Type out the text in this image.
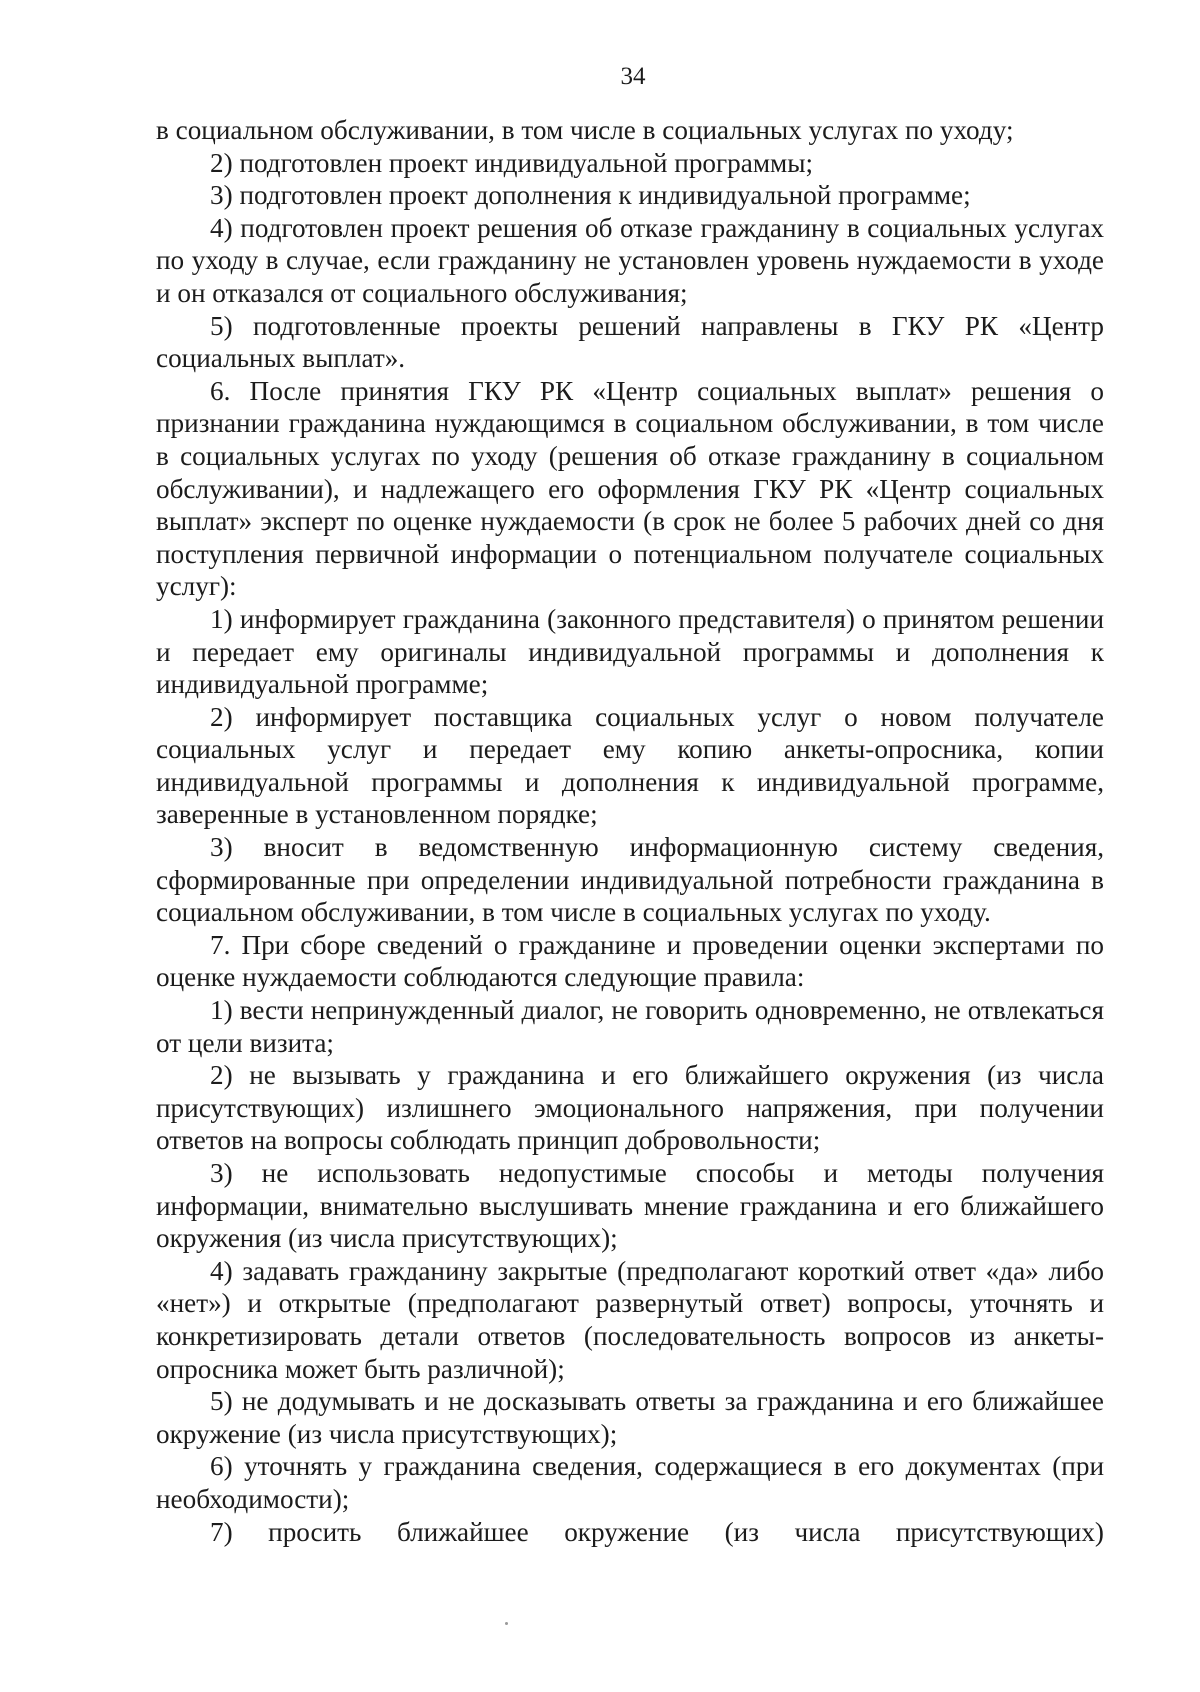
34

в социальном обслуживании, в том числе в социальных услугах по уходу;

2) подготовлен проект индивидуальной программы;

3) подготовлен проект дополнения к индивидуальной программе;

4) подготовлен проект решения об отказе гражданину в социальных услугах по уходу в случае, если гражданину не установлен уровень нуждаемости в уходе и он отказался от социального обслуживания;

5) подготовленные проекты решений направлены в ГКУ РК «Центр социальных выплат».

6. После принятия ГКУ РК «Центр социальных выплат» решения о признании гражданина нуждающимся в социальном обслуживании, в том числе в социальных услугах по уходу (решения об отказе гражданину в социальном обслуживании), и надлежащего его оформления ГКУ РК «Центр социальных выплат» эксперт по оценке нуждаемости (в срок не более 5 рабочих дней со дня поступления первичной информации о потенциальном получателе социальных услуг):

1) информирует гражданина (законного представителя) о принятом решении и передает ему оригиналы индивидуальной программы и дополнения к индивидуальной программе;

2) информирует поставщика социальных услуг о новом получателе социальных услуг и передает ему копию анкеты-опросника, копии индивидуальной программы и дополнения к индивидуальной программе, заверенные в установленном порядке;

3) вносит в ведомственную информационную систему сведения, сформированные при определении индивидуальной потребности гражданина в социальном обслуживании, в том числе в социальных услугах по уходу.

7. При сборе сведений о гражданине и проведении оценки экспертами по оценке нуждаемости соблюдаются следующие правила:

1) вести непринужденный диалог, не говорить одновременно, не отвлекаться от цели визита;

2) не вызывать у гражданина и его ближайшего окружения (из числа присутствующих) излишнего эмоционального напряжения, при получении ответов на вопросы соблюдать принцип добровольности;

3) не использовать недопустимые способы и методы получения информации, внимательно выслушивать мнение гражданина и его ближайшего окружения (из числа присутствующих);

4) задавать гражданину закрытые (предполагают короткий ответ «да» либо «нет») и открытые (предполагают развернутый ответ) вопросы, уточнять и конкретизировать детали ответов (последовательность вопросов из анкеты-опросника может быть различной);

5) не додумывать и не досказывать ответы за гражданина и его ближайшее окружение (из числа присутствующих);

6) уточнять у гражданина сведения, содержащиеся в его документах (при необходимости);

7) просить ближайшее окружение (из числа присутствующих)
